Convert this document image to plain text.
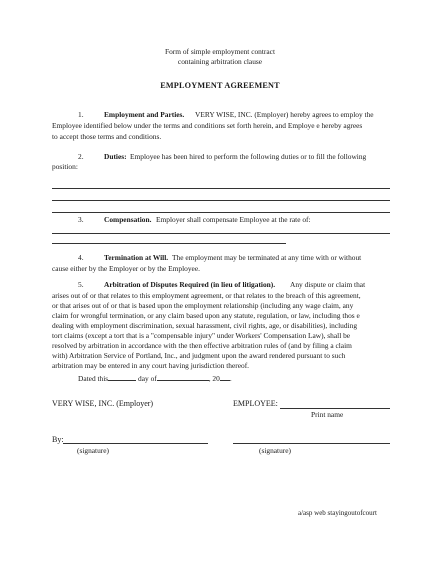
Form of simple employment contract
containing arbitration clause
EMPLOYMENT AGREEMENT
1.	Employment and Parties. VERY WISE, INC. (Employer) hereby agrees to employ the
Employee identified below under the terms and conditions set forth herein, and Employe e hereby agrees
to accept those terms and conditions.
2.	Duties: Employee has been hired to perform the following duties or to fill the following
position:
3.	Compensation. Employer shall compensate Employee at the rate of:
4.	Termination at Will. The employment may be terminated at any time with or without
cause either by the Employer or by the Employee.
5.	Arbitration of Disputes Required (in lieu of litigation). Any dispute or claim that
arises out of or that relates to this employment agreement, or that relates to the breach of this agreement,
or that arises out of or that is based upon the employment relationship (including any wage claim, any
claim for wrongful termination, or any claim based upon any statute, regulation, or law, including thos e
dealing with employment discrimination, sexual harassment, civil rights, age, or disabilities), including
tort claims (except a tort that is a "compensable injury" under Workers' Compensation Law), shall be
resolved by arbitration in accordance with the then effective arbitration rules of (and by filing a claim
with) Arbitration Service of Portland, Inc., and judgment upon the award rendered pursuant to such
arbitration may be entered in any court having jurisdiction thereof.
Dated this	day of	, 20 .
VERY WISE, INC. (Employer)	EMPLOYEE:
Print name
By:
(signature)	(signature)
a/asp web stayingoutofcourt
